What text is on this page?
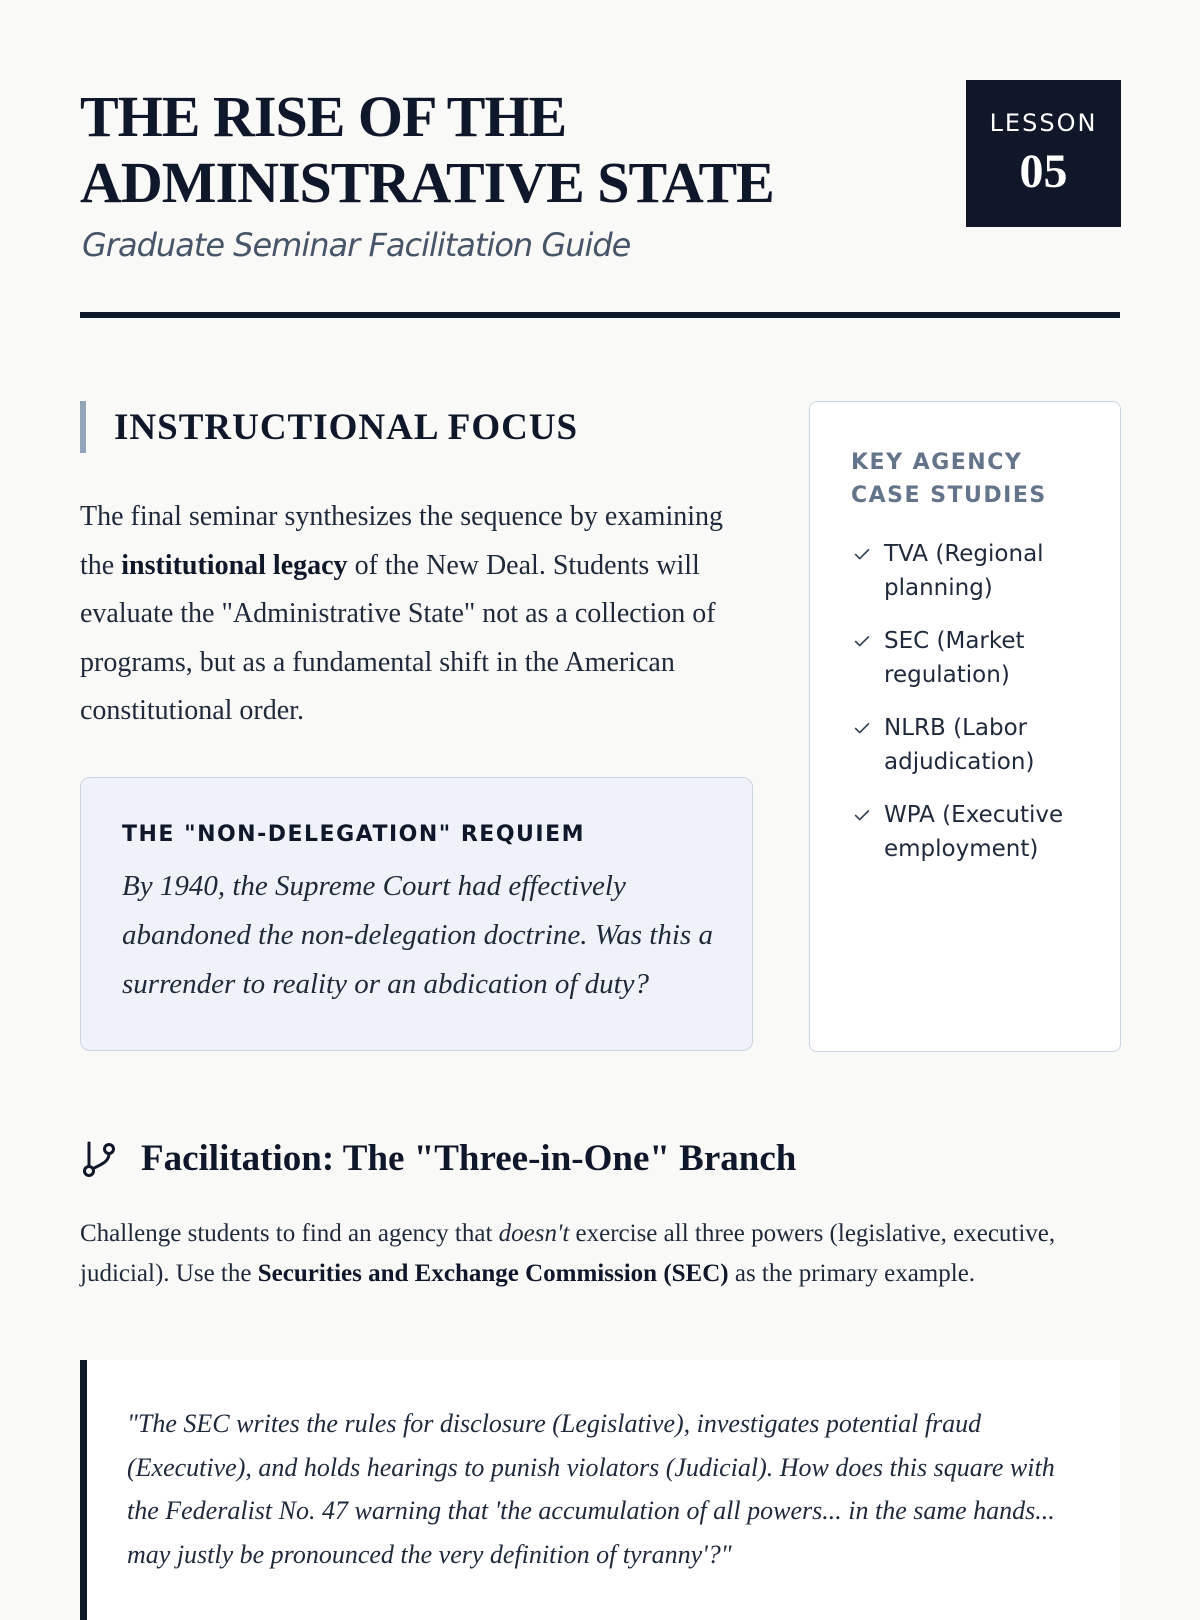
THE RISE OF THE ADMINISTRATIVE STATE
Graduate Seminar Facilitation Guide
LESSON
05
INSTRUCTIONAL FOCUS

The final seminar synthesizes the sequence by examining the institutional legacy of the New Deal. Students will evaluate the "Administrative State" not as a collection of programs, but as a fundamental shift in the American constitutional order.

THE "NON-DELEGATION" REQUIEM
By 1940, the Supreme Court had effectively abandoned the non-delegation doctrine. Was this a surrender to reality or an abdication of duty?
KEY AGENCY CASE STUDIES
TVA (Regional planning)
SEC (Market regulation)
NLRB (Labor adjudication)
WPA (Executive employment)
Facilitation: The "Three-in-One" Branch

Challenge students to find an agency that doesn't exercise all three powers (legislative, executive, judicial). Use the Securities and Exchange Commission (SEC) as the primary example.

"The SEC writes the rules for disclosure (Legislative), investigates potential fraud (Executive), and holds hearings to punish violators (Judicial). How does this square with the Federalist No. 47 warning that 'the accumulation of all powers... in the same hands... may justly be pronounced the very definition of tyranny'?"
